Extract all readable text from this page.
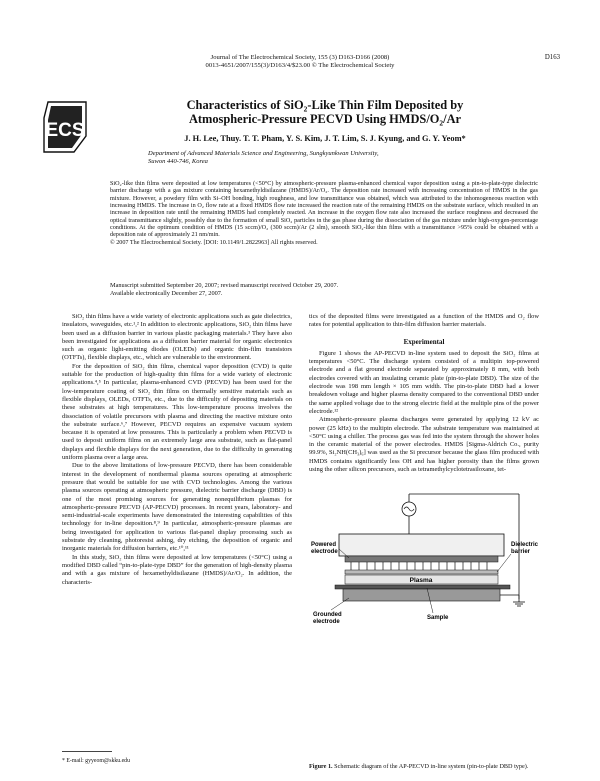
Journal of The Electrochemical Society, 155 (3) D163-D166 (2008)
0013-4651/2007/155(3)/D163/4/$23.00 © The Electrochemical Society
D163
ECS
Characteristics of SiO₂-Like Thin Film Deposited by
Atmospheric-Pressure PECVD Using HMDS/O₂/Ar
J. H. Lee, Thuy. T. T. Pham, Y. S. Kim, J. T. Lim, S. J. Kyung, and G. Y. Yeom*
Department of Advanced Materials Science and Engineering, Sungkyunkwan University,
Suwon 440-746, Korea
SiO₂-like thin films were deposited at low temperatures (<50°C) by atmospheric-pressure plasma-enhanced chemical vapor deposition using a pin-to-plate-type dielectric barrier discharge with a gas mixture containing hexamethyldisilazane (HMDS)/Ar/O₂. The deposition rate increased with increasing concentration of HMDS in the gas mixture. However, a powdery film with Si–OH bonding, high roughness, and low transmittance was obtained, which was attributed to the inhomogeneous reaction with increasing HMDS. The increase in O₂ flow rate at a fixed HMDS flow rate increased the reaction rate of the remaining HMDS on the substrate surface, which resulted in an increase in deposition rate until the remaining HMDS had completely reacted. An increase in the oxygen flow rate also increased the surface roughness and decreased the optical transmittance slightly, possibly due to the formation of small SiO₂ particles in the gas phase during the dissociation of the gas mixture under high-oxygen-percentage conditions. At the optimum condition of HMDS (15 sccm)/O₂ (300 sccm)/Ar (2 slm), smooth SiO₂-like thin films with a transmittance >95% could be obtained with a deposition rate of approximately 21 nm/min.
© 2007 The Electrochemical Society. [DOI: 10.1149/1.2822963] All rights reserved.
Manuscript submitted September 20, 2007; revised manuscript received October 29, 2007.
Available electronically December 27, 2007.

SiO₂ thin films have a wide variety of electronic applications such as gate dielectrics, insulators, waveguides, etc.¹,² In addition to electronic applications, SiO₂ thin films have been used as a diffusion barrier in various plastic packaging materials.³ They have also been investigated for applications as a diffusion barrier material for organic electronics such as organic light-emitting diodes (OLEDs) and organic thin-film transistors (OTFTs), flexible displays, etc., which are vulnerable to the environment.

For the deposition of SiO₂ thin films, chemical vapor deposition (CVD) is quite suitable for the production of high-quality thin films for a wide variety of electronic applications.⁴,⁵ In particular, plasma-enhanced CVD (PECVD) has been used for the low-temperature coating of SiO₂ thin films on thermally sensitive materials such as flexible displays, OLEDs, OTFTs, etc., due to the difficulty of depositing materials on these substrates at high temperatures. This low-temperature process involves the dissociation of volatile precursors with plasma and directing the reactive mixture onto the substrate surface.⁶,⁷ However, PECVD requires an expensive vacuum system because it is operated at low pressures. This is particularly a problem when PECVD is used to deposit uniform films on an extremely large area substrate, such as flat-panel displays and flexible displays for the next generation, due to the difficulty in generating uniform plasma over a large area.

Due to the above limitations of low-pressure PECVD, there has been considerable interest in the development of nonthermal plasma sources operating at atmospheric pressure that would be suitable for use with CVD technologies. Among the various plasma sources operating at atmospheric pressure, dielectric barrier discharge (DBD) is one of the most promising sources for generating nonequilibrium plasmas for atmospheric-pressure PECVD (AP-PECVD) processes. In recent years, laboratory- and semi-industrial-scale experiments have demonstrated the interesting capabilities of this technology for in-line deposition.⁸,⁹ In particular, atmospheric-pressure plasmas are being investigated for application to various flat-panel display processing such as substrate dry cleaning, photoresist ashing, dry etching, the deposition of organic and inorganic materials for diffusion barriers, etc.¹⁰,¹¹

In this study, SiO₂ thin films were deposited at low temperatures (<50°C) using a modified DBD called “pin-to-plate-type DBD” for the generation of high-density plasma and with a gas mixture of hexamethyldisilazane (HMDS)/Ar/O₂. In addition, the characteris-

tics of the deposited films were investigated as a function of the HMDS and O₂ flow rates for potential application to thin-film diffusion barrier materials.

Experimental

Figure 1 shows the AP-PECVD in-line system used to deposit the SiO₂ films at temperatures <50°C. The discharge system consisted of a multipin top-powered electrode and a flat ground electrode separated by approximately 8 mm, with both electrodes covered with an insulating ceramic plate (pin-to-plate DBD). The size of the electrode was 198 mm length × 105 mm width. The pin-to-plate DBD had a lower breakdown voltage and higher plasma density compared to the conventional DBD under the same applied voltage due to the strong electric field at the multiple pins of the power electrode.¹²

Atmospheric-pressure plasma discharges were generated by applying 12 kV ac power (25 kHz) to the multipin electrode. The substrate temperature was maintained at <50°C using a chiller. The process gas was fed into the system through the shower holes in the ceramic material of the power electrodes. HMDS [Sigma-Aldrich Co., purity 99.9%, Si₂NH(CH₃)₆] was used as the Si precursor because the glass film produced with HMDS contains significantly less OH and has higher porosity than the films grown using the other silicon precursors, such as tetramethylcyclotetrasiloxane, tet-

Plasma
Powered
electrode
Dielectric
barrier
Grounded
electrode
Sample
* E-mail: gyyeom@skku.edu
Figure 1. Schematic diagram of the AP-PECVD in-line system (pin-to-plate DBD type).
